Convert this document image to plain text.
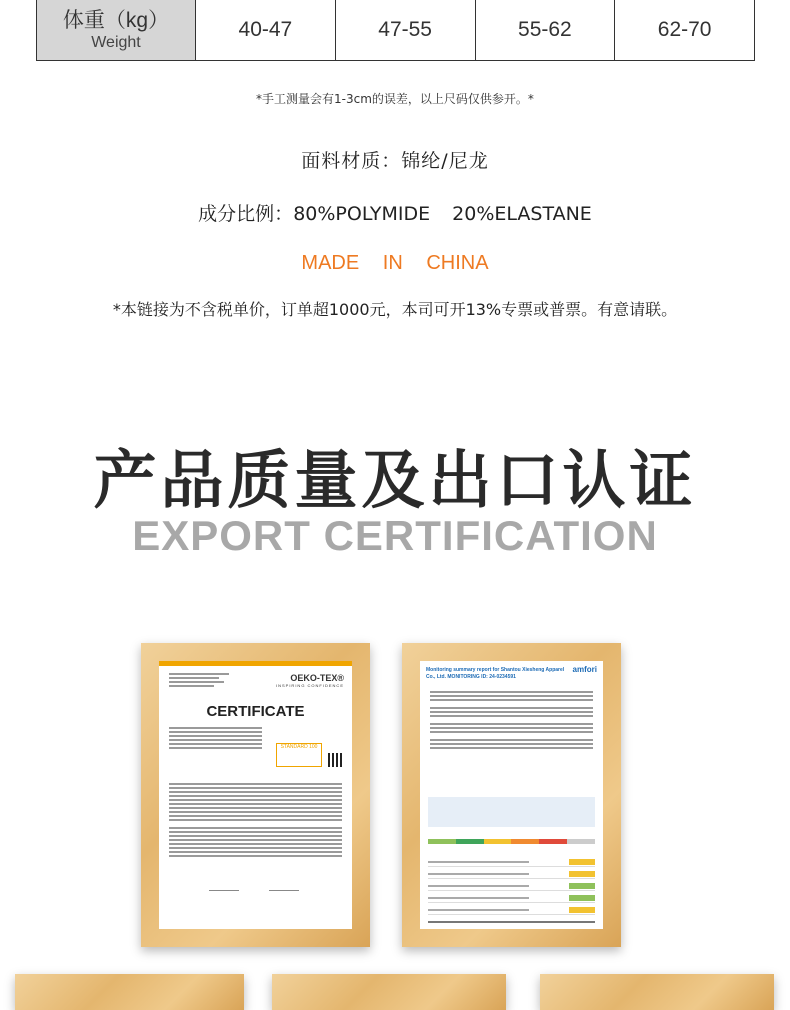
体重（kg）
Weight
40-47	47-55	55-62	62-70
*手工测量会有1-3cm的误差，以上尺码仅供参开。*
面料材质：锦纶/尼龙
成分比例：80%POLYMIDE 20%ELASTANE
MADE IN CHINA
*本链接为不含税单价，订单超1000元，本司可开13%专票或普票。有意请联。
产品质量及出口认证
EXPORT CERTIFICATION
OEKO-TEX®
INSPIRING CONFIDENCE
CERTIFICATE
STANDARD 100
Monitoring summary report for Shantou Xiesheng Apparel Co., Ltd. MONITORING ID: 24-0234591
amfori
